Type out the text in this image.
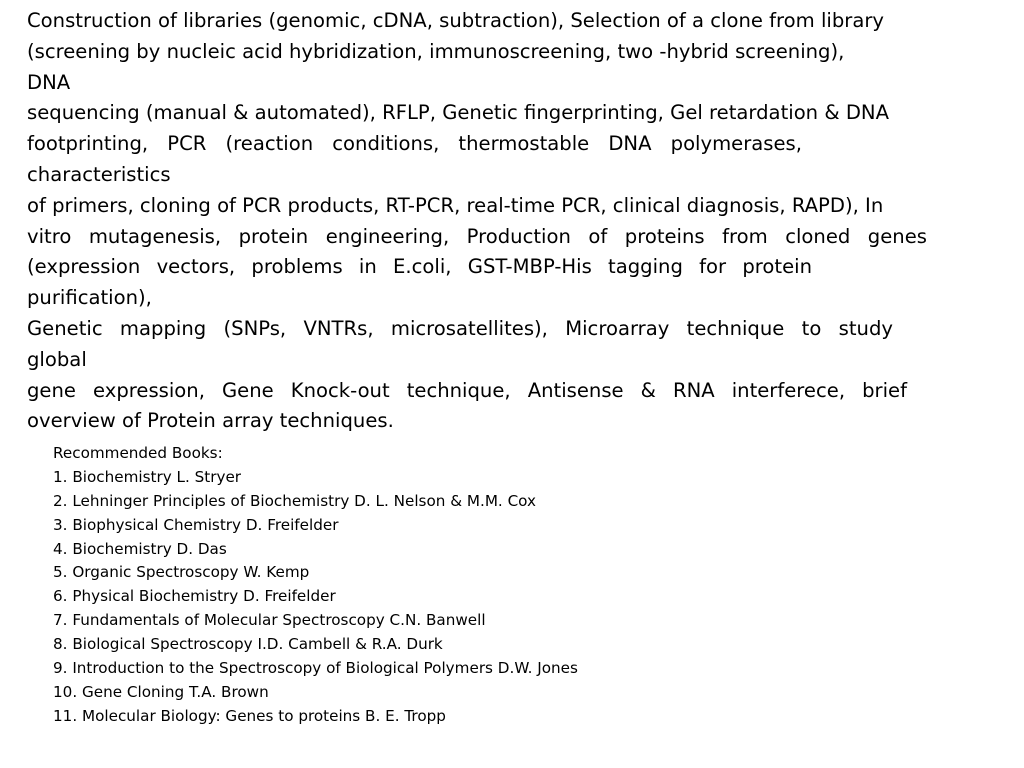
Construction of libraries (genomic, cDNA, subtraction), Selection of a clone from library
(screening by nucleic acid hybridization, immunoscreening, two -hybrid screening),
DNA
sequencing (manual & automated), RFLP, Genetic fingerprinting, Gel retardation & DNA
footprinting, PCR (reaction conditions, thermostable DNA polymerases,
characteristics
of primers, cloning of PCR products, RT-PCR, real-time PCR, clinical diagnosis, RAPD), In
vitro mutagenesis, protein engineering, Production of proteins from cloned genes
(expression vectors, problems in E.coli, GST-MBP-His tagging for protein
purification),
Genetic mapping (SNPs, VNTRs, microsatellites), Microarray technique to study
global
gene expression, Gene Knock-out technique, Antisense & RNA interferece, brief
overview of Protein array techniques.
Recommended Books:
1. Biochemistry L. Stryer
2. Lehninger Principles of Biochemistry D. L. Nelson & M.M. Cox
3. Biophysical Chemistry D. Freifelder
4. Biochemistry D. Das
5. Organic Spectroscopy W. Kemp
6. Physical Biochemistry D. Freifelder
7. Fundamentals of Molecular Spectroscopy C.N. Banwell
8. Biological Spectroscopy I.D. Cambell & R.A. Durk
9. Introduction to the Spectroscopy of Biological Polymers D.W. Jones
10. Gene Cloning T.A. Brown
11. Molecular Biology: Genes to proteins B. E. Tropp
